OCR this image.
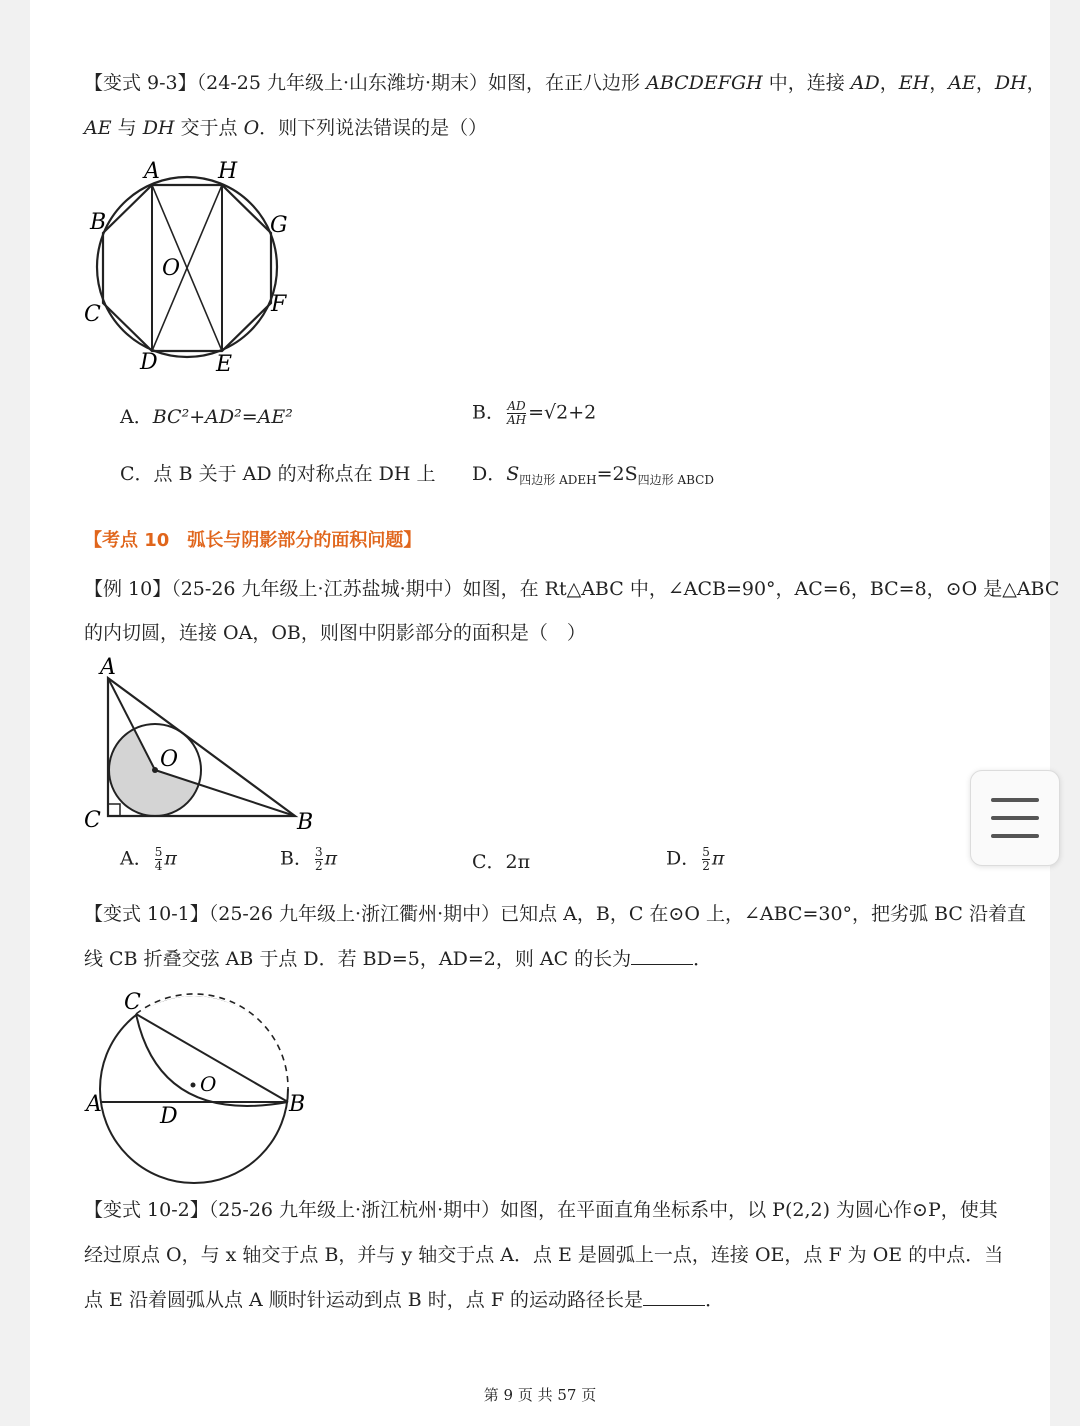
【变式 9-3】（24-25 九年级上·山东潍坊·期末）如图，在正八边形 ABCDEFGH 中，连接 AD，EH，AE，DH，
AE 与 DH 交于点 O．则下列说法错误的是（）
A	H
B	G
O
C	F
D	E
A．BC²+AD²=AE²	B． $\frac{AD}{AH} =√2+2$
C．点 B 关于 AD 的对称点在 DH 上 D．$S_{四边形 ADEH}=2S_{四边形 ABCD}$
【考点 10　弧长与阴影部分的面积问题】
【例 10】（25-26 九年级上·江苏盐城·期中）如图，在 Rt△ABC 中，∠ACB=90°，AC=6，BC=8，⊙O 是△ABC
的内切圆，连接 OA，OB，则图中阴影部分的面积是（　）
A
O
C	B
A． $\frac{5}{4}$ π	B． $\frac{3}{2}$ π	C．2π	D． $\frac{5}{2}$ π
【变式 10-1】（25-26 九年级上·浙江衢州·期中）已知点 A，B，C 在⊙O 上，∠ABC=30°，把劣弧 BC 沿着直
线 CB 折叠交弦 AB 于点 D．若 BD=5，AD=2，则 AC 的长为	．
C
O
A	D	B
【变式 10-2】（25-26 九年级上·浙江杭州·期中）如图，在平面直角坐标系中，以 P(2,2) 为圆心作⊙P，使其
经过原点 O，与 x 轴交于点 B，并与 y 轴交于点 A．点 E 是圆弧上一点，连接 OE，点 F 为 OE 的中点．当
点 E 沿着圆弧从点 A 顺时针运动到点 B 时，点 F 的运动路径长是	．
第 9 页 共 57 页
